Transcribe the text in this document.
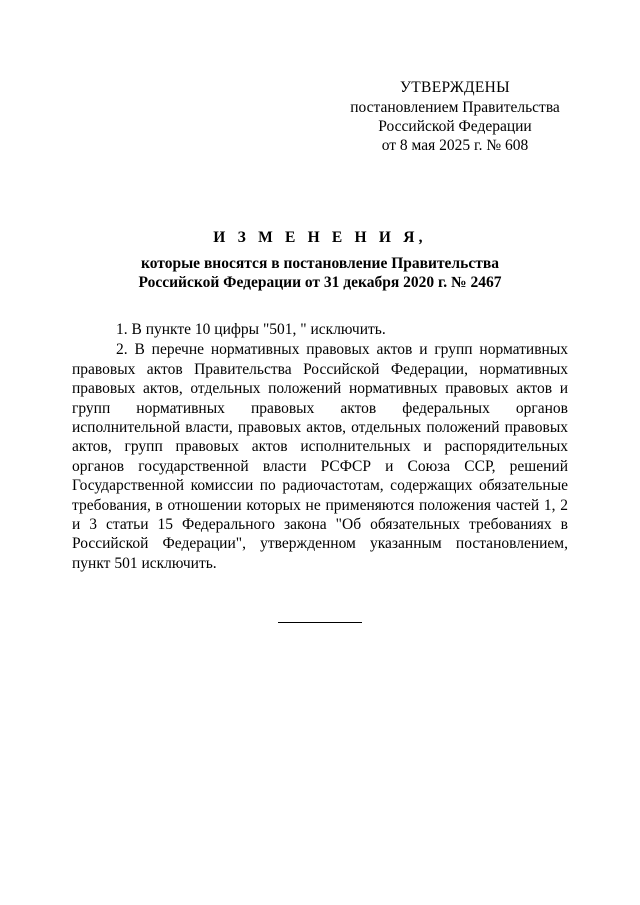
УТВЕРЖДЕНЫ
постановлением Правительства
Российской Федерации
от 8 мая 2025 г. № 608
И З М Е Н Е Н И Я,
которые вносятся в постановление Правительства
Российской Федерации от 31 декабря 2020 г. № 2467

1. В пункте 10 цифры "501, " исключить.

2. В перечне нормативных правовых актов и групп нормативных правовых актов Правительства Российской Федерации, нормативных правовых актов, отдельных положений нормативных правовых актов и групп нормативных правовых актов федеральных органов исполнительной власти, правовых актов, отдельных положений правовых актов, групп правовых актов исполнительных и распорядительных органов государственной власти РСФСР и Союза ССР, решений Государственной комиссии по радиочастотам, содержащих обязательные требования, в отношении которых не применяются положения частей 1, 2 и 3 статьи 15 Федерального закона "Об обязательных требованиях в Российской Федерации", утвержденном указанным постановлением, пункт 501 исключить.
